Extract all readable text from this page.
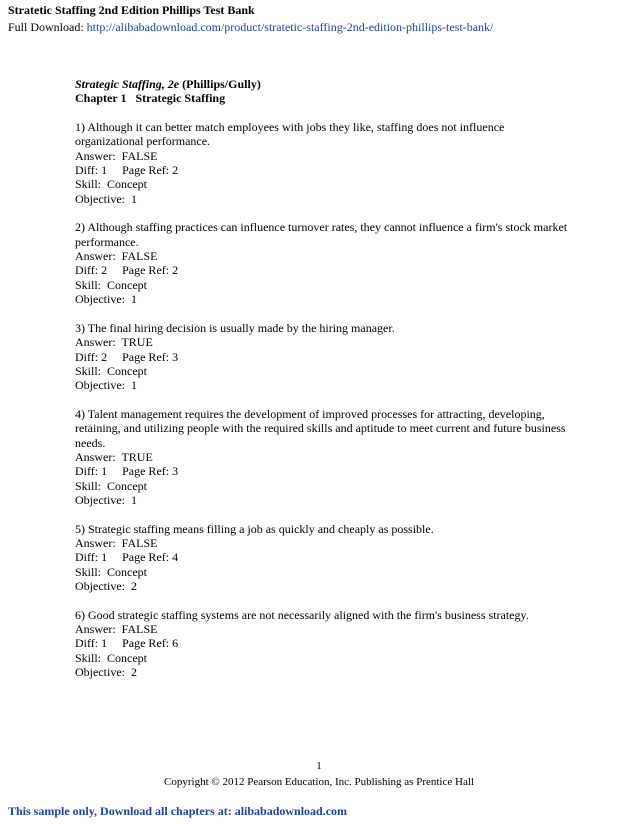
Stratetic Staffing 2nd Edition Phillips Test Bank
Full Download: http://alibabadownload.com/product/stratetic-staffing-2nd-edition-phillips-test-bank/
Strategic Staffing, 2e (Phillips/Gully)
Chapter 1   Strategic Staffing

1) Although it can better match employees with jobs they like, staffing does not influence organizational performance.

Answer:  FALSE
Diff: 1 Page Ref: 2
Skill:  Concept
Objective:  1

2) Although staffing practices can influence turnover rates, they cannot influence a firm's stock market performance.

Answer:  FALSE
Diff: 2 Page Ref: 2
Skill:  Concept
Objective:  1

3) The final hiring decision is usually made by the hiring manager.

Answer:  TRUE
Diff: 2 Page Ref: 3
Skill:  Concept
Objective:  1

4) Talent management requires the development of improved processes for attracting, developing, retaining, and utilizing people with the required skills and aptitude to meet current and future business needs.

Answer:  TRUE
Diff: 1 Page Ref: 3
Skill:  Concept
Objective:  1

5) Strategic staffing means filling a job as quickly and cheaply as possible.

Answer:  FALSE
Diff: 1 Page Ref: 4
Skill:  Concept
Objective:  2

6) Good strategic staffing systems are not necessarily aligned with the firm's business strategy.

Answer:  FALSE
Diff: 1 Page Ref: 6
Skill:  Concept
Objective:  2
1
Copyright © 2012 Pearson Education, Inc. Publishing as Prentice Hall
This sample only, Download all chapters at: alibabadownload.com
